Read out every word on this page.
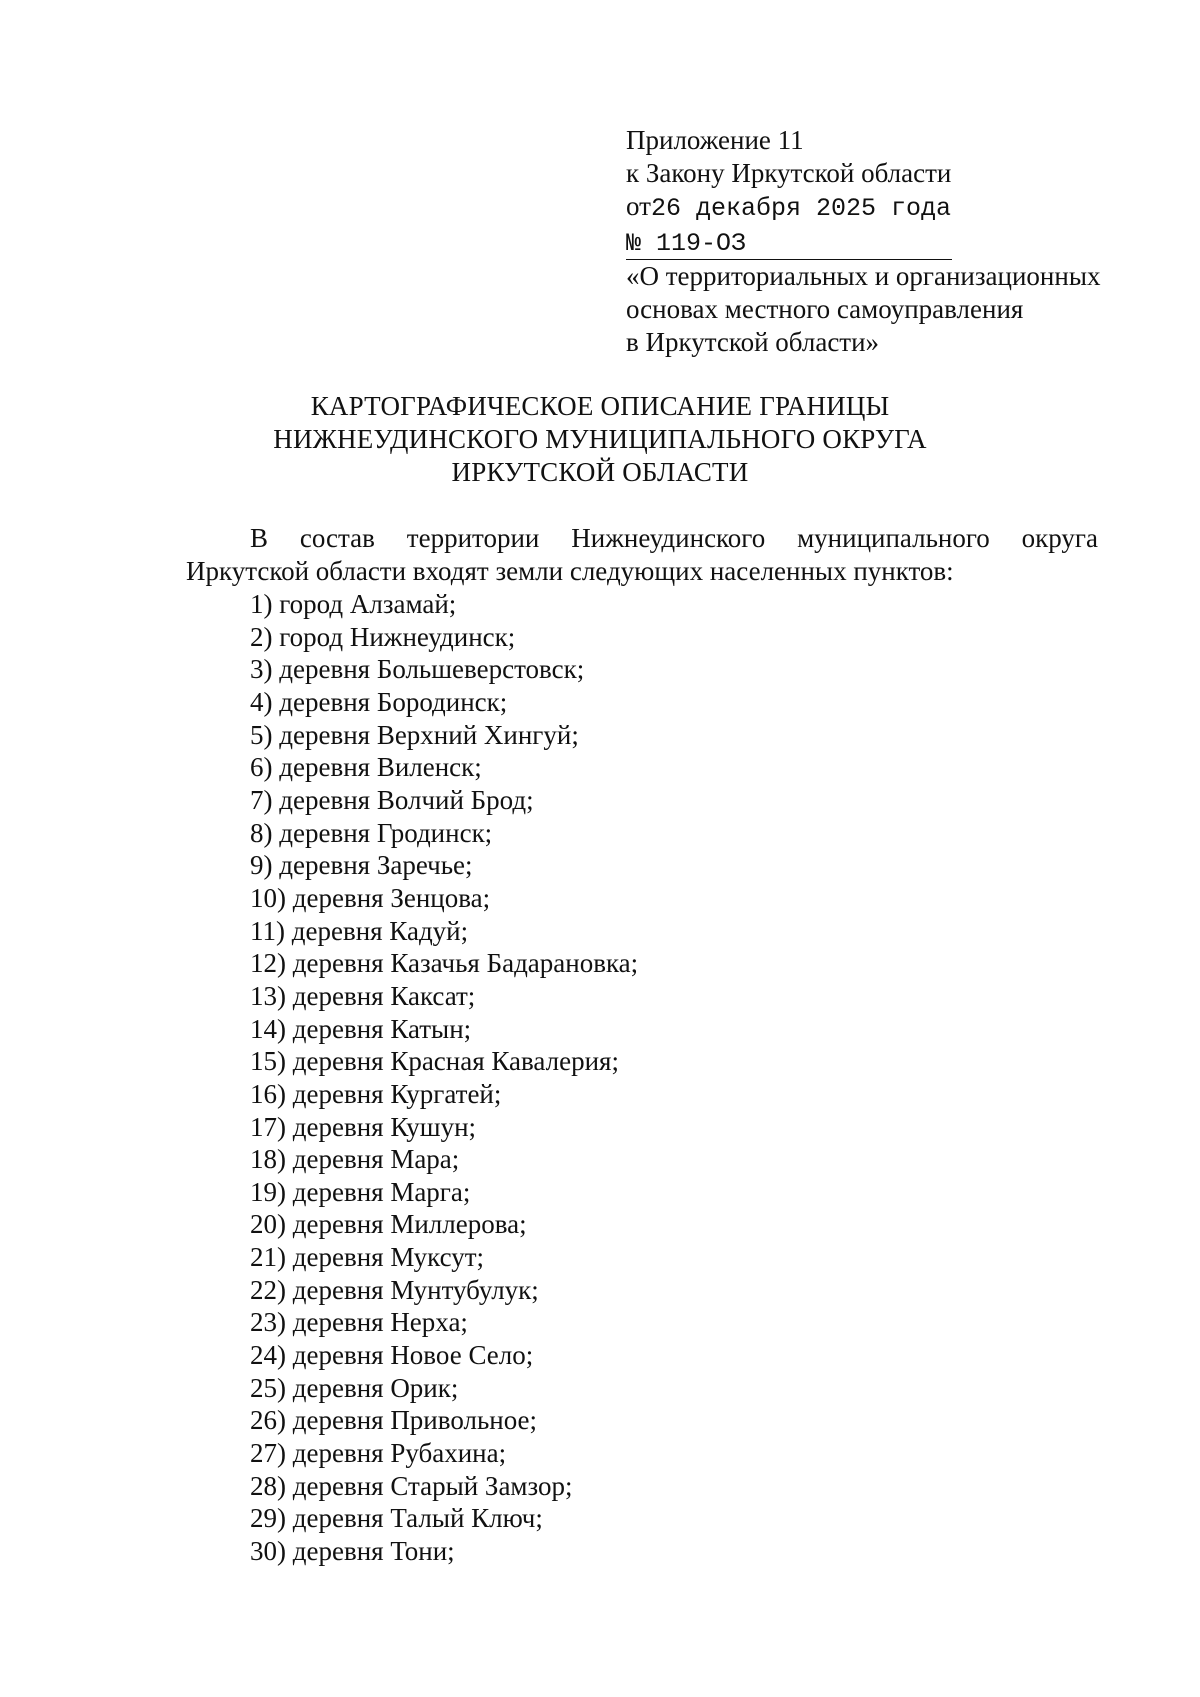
Приложение 11
к Закону Иркутской области
от26 декабря 2025 года
№ 119-ОЗ
«О территориальных и организационных
основах местного самоуправления
в Иркутской области»
КАРТОГРАФИЧЕСКОЕ ОПИСАНИЕ ГРАНИЦЫ
НИЖНЕУДИНСКОГО МУНИЦИПАЛЬНОГО ОКРУГА
ИРКУТСКОЙ ОБЛАСТИ
В состав территории Нижнеудинского муниципального округа
Иркутской области входят земли следующих населенных пунктов:
1) город Алзамай;
2) город Нижнеудинск;
3) деревня Большеверстовск;
4) деревня Бородинск;
5) деревня Верхний Хингуй;
6) деревня Виленск;
7) деревня Волчий Брод;
8) деревня Гродинск;
9) деревня Заречье;
10) деревня Зенцова;
11) деревня Кадуй;
12) деревня Казачья Бадарановка;
13) деревня Каксат;
14) деревня Катын;
15) деревня Красная Кавалерия;
16) деревня Кургатей;
17) деревня Кушун;
18) деревня Мара;
19) деревня Марга;
20) деревня Миллерова;
21) деревня Муксут;
22) деревня Мунтубулук;
23) деревня Нерха;
24) деревня Новое Село;
25) деревня Орик;
26) деревня Привольное;
27) деревня Рубахина;
28) деревня Старый Замзор;
29) деревня Талый Ключ;
30) деревня Тони;
